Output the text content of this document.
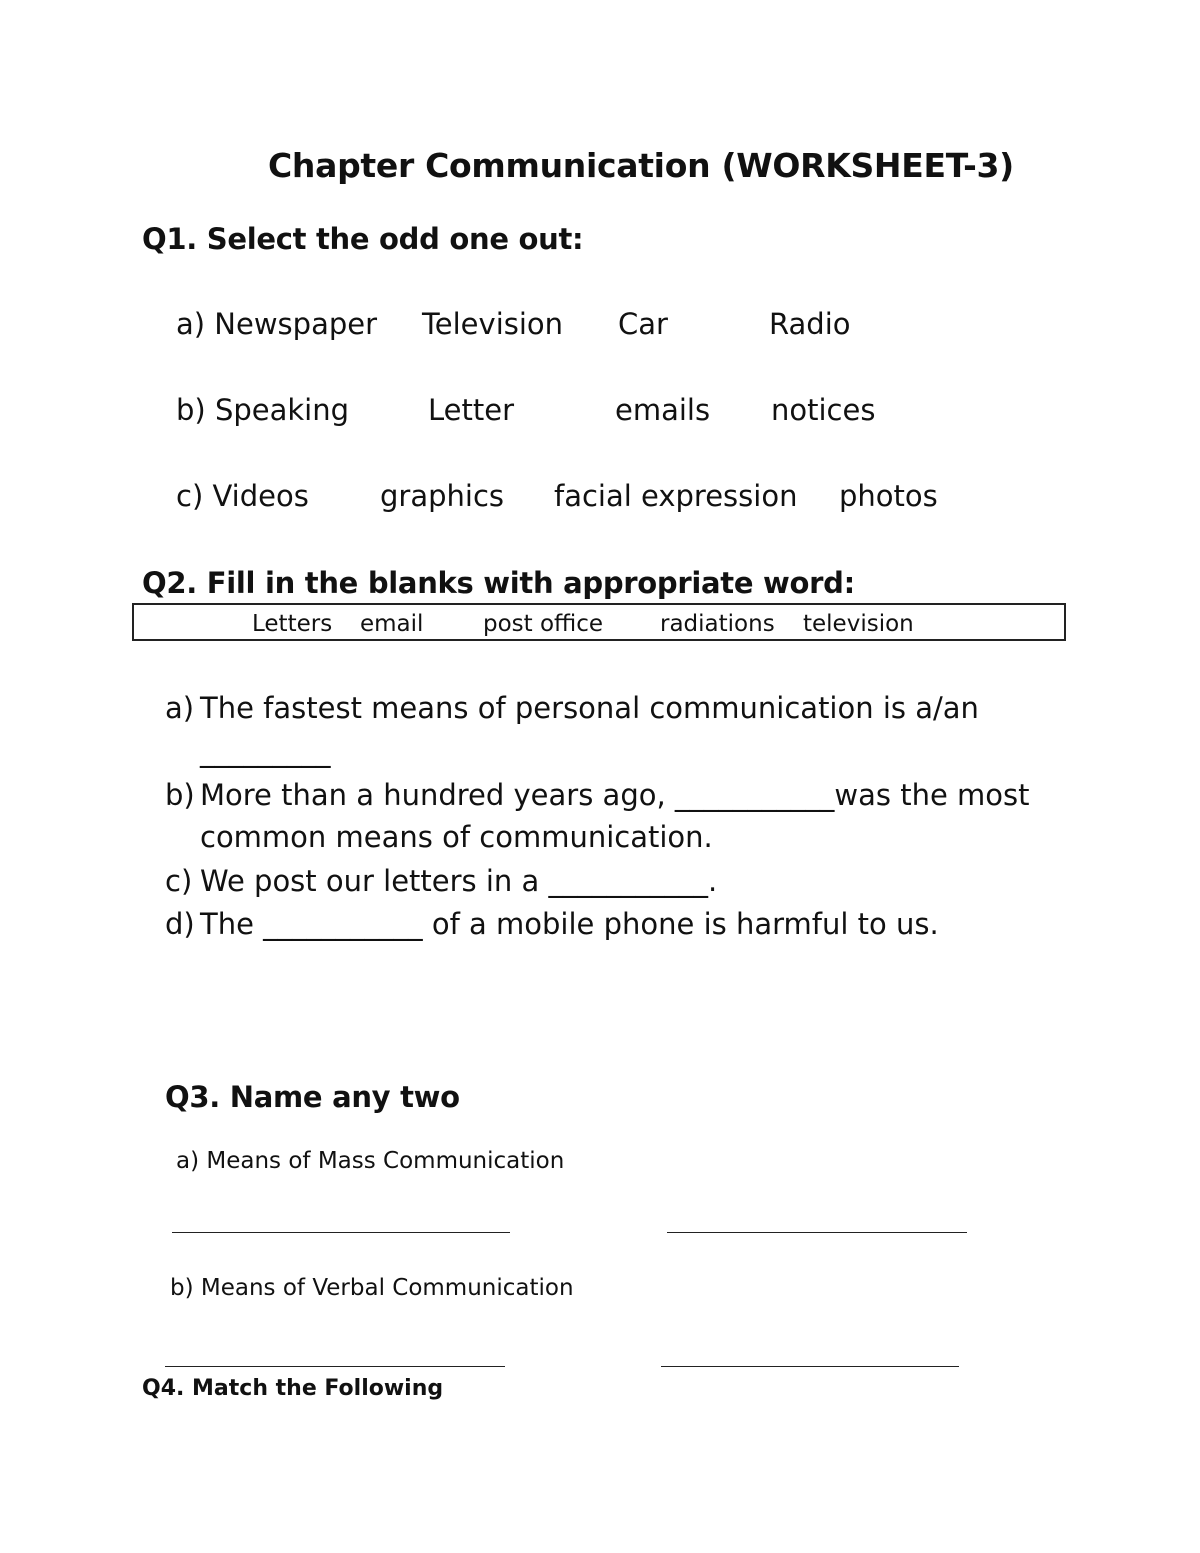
Chapter Communication (WORKSHEET-3)
Q1. Select the odd one out:
a) Newspaper Television Car	Radio
b) Speaking	Letter	emails notices
c) Videos graphics facial expression photos
Q2. Fill in the blanks with appropriate word:
Letters email	post office radiations television
a) The fastest means of personal communication is a/an
_________
b) More than a hundred years ago, ___________was the most
common means of communication.
c) We post our letters in a ___________.
d) The ___________ of a mobile phone is harmful to us.
Q3. Name any two
a) Means of Mass Communication
b) Means of Verbal Communication
Q4. Match the Following
